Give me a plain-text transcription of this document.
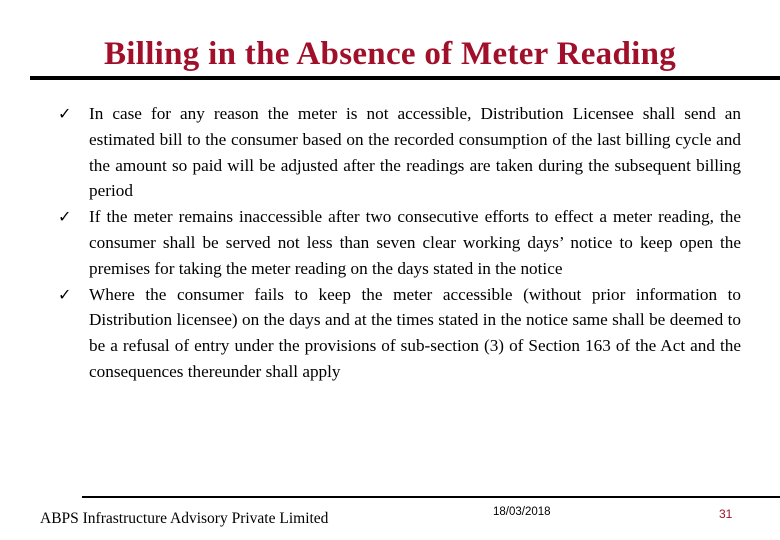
Billing in the Absence of Meter Reading
✓ In case for any reason the meter is not accessible, Distribution Licensee shall send an estimated bill to the consumer based on the recorded consumption of the last billing cycle and the amount so paid will be adjusted after the readings are taken during the subsequent billing period
✓ If the meter remains inaccessible after two consecutive efforts to effect a meter reading, the consumer shall be served not less than seven clear working days’ notice to keep open the premises for taking the meter reading on the days stated in the notice
✓ Where the consumer fails to keep the meter accessible (without prior information to Distribution licensee) on the days and at the times stated in the notice same shall be deemed to be a refusal of entry under the provisions of sub-section (3) of Section 163 of the Act and the consequences thereunder shall apply
ABPS Infrastructure Advisory Private Limited	18/03/2018	31
